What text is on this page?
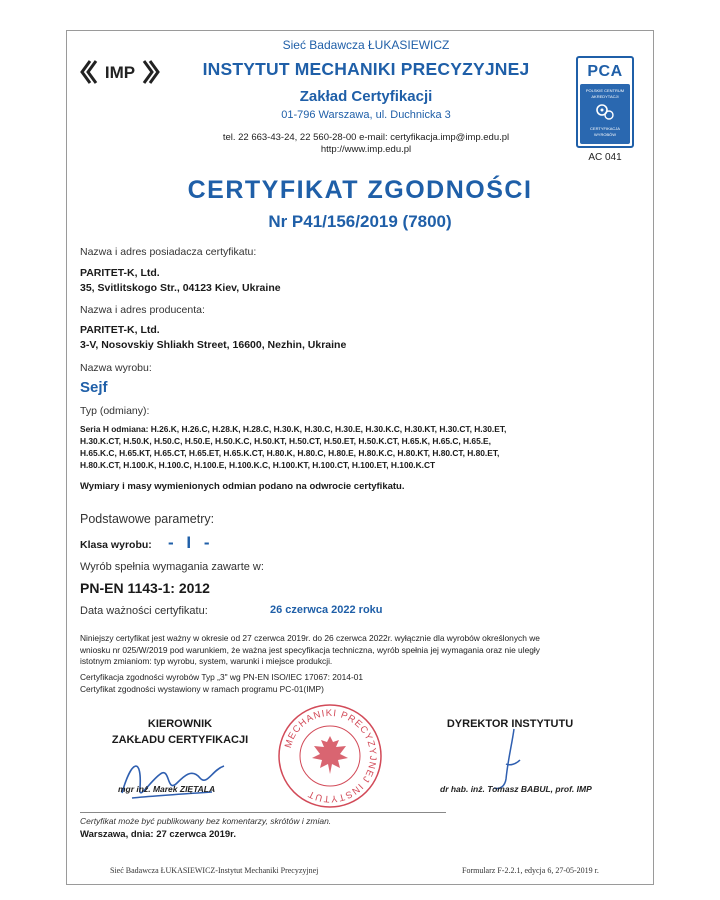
IMP
Sieć Badawcza ŁUKASIEWICZ
INSTYTUT MECHANIKI PRECYZYJNEJ
Zakład Certyfikacji
01-796 Warszawa, ul. Duchnicka 3
tel. 22 663-43-24, 22 560-28-00 e-mail: certyfikacja.imp@imp.edu.pl
http://www.imp.edu.pl
PCA
POLSKIE CENTRUM
AKREDYTACJI
CERTYFIKACJA
WYROBÓW
AC 041
CERTYFIKAT ZGODNOŚCI
Nr P41/156/2019 (7800)
Nazwa i adres posiadacza certyfikatu:
PARITET-K, Ltd.
35, Svitlitskogo Str., 04123 Kiev, Ukraine
Nazwa i adres producenta:
PARITET-K, Ltd.
3-V, Nosovskiy Shliakh Street, 16600, Nezhin, Ukraine
Nazwa wyrobu:
Sejf
Typ (odmiany):
Seria H odmiana: H.26.K, H.26.C, H.28.K, H.28.C, H.30.K, H.30.C, H.30.E, H.30.K.C, H.30.KT, H.30.CT, H.30.ET,
H.30.K.CT, H.50.K, H.50.C, H.50.E, H.50.K.C, H.50.KT, H.50.CT, H.50.ET, H.50.K.CT, H.65.K, H.65.C, H.65.E,
H.65.K.C, H.65.KT, H.65.CT, H.65.ET, H.65.K.CT, H.80.K, H.80.C, H.80.E, H.80.K.C, H.80.KT, H.80.CT, H.80.ET,
H.80.K.CT, H.100.K, H.100.C, H.100.E, H.100.K.C, H.100.KT, H.100.CT, H.100.ET, H.100.K.CT
Wymiary i masy wymienionych odmian podano na odwrocie certyfikatu.
Podstawowe parametry:
Klasa wyrobu: - I -
Wyrób spełnia wymagania zawarte w:
PN-EN 1143-1: 2012
Data ważności certyfikatu:	26 czerwca 2022 roku
Niniejszy certyfikat jest ważny w okresie od 27 czerwca 2019r. do 26 czerwca 2022r. wyłącznie dla wyrobów określonych we
wniosku nr 025/W/2019 pod warunkiem, że ważna jest specyfikacja techniczna, wyrób spełnia jej wymagania oraz nie uległy
istotnym zmianiom: typ wyrobu, system, warunki i miejsce produkcji.
Certyfikacja zgodności wyrobów Typ „3" wg PN-EN ISO/IEC 17067: 2014-01
Certyfikat zgodności wystawiony w ramach programu PC-01(IMP)
KIEROWNIK
ZAKŁADU CERTYFIKACJI
mgr inż. Marek ZIĘTALA
MECHANIKI PRECYZYJNEJ INSTYTUT
DYREKTOR INSTYTUTU
dr hab. inż. Tomasz BABUL, prof. IMP
Certyfikat może być publikowany bez komentarzy, skrótów i zmian.
Warszawa, dnia: 27 czerwca 2019r.
Sieć Badawcza ŁUKASIEWICZ-Instytut Mechaniki Precyzyjnej	Formularz F-2.2.1, edycja 6, 27-05-2019 r.
